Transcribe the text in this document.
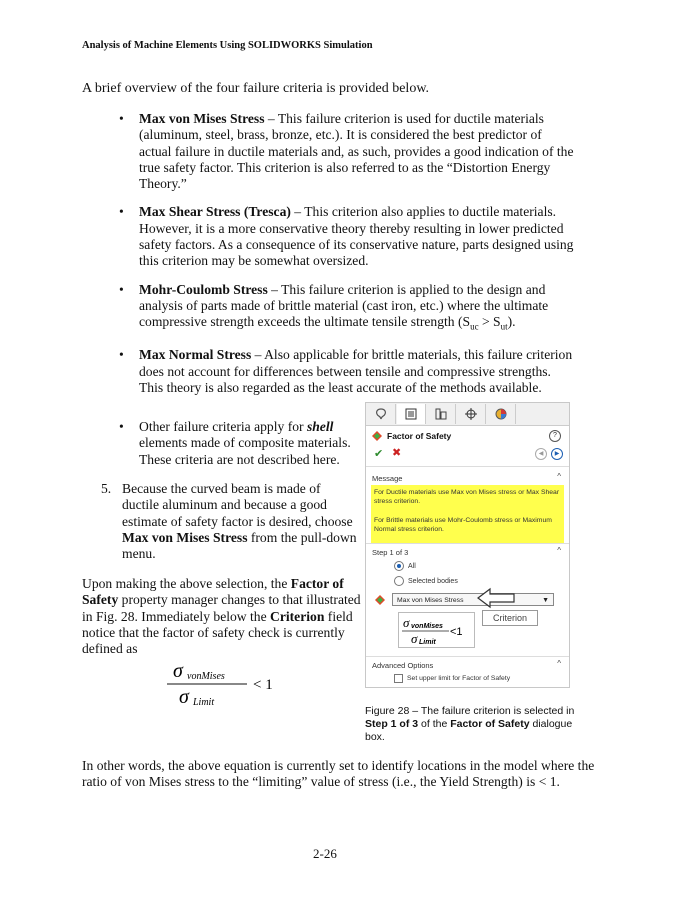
Analysis of Machine Elements Using SOLIDWORKS Simulation
A brief overview of the four failure criteria is provided below.
• Max von Mises Stress – This failure criterion is used for ductile materials (aluminum, steel, brass, bronze, etc.). It is considered the best predictor of actual failure in ductile materials and, as such, provides a good indication of the true safety factor. This criterion is also referred to as the “Distortion Energy Theory.”
• Max Shear Stress (Tresca) – This criterion also applies to ductile materials. However, it is a more conservative theory thereby resulting in lower predicted safety factors. As a consequence of its conservative nature, parts designed using this criterion may be somewhat oversized.
• Mohr-Coulomb Stress – This failure criterion is applied to the design and analysis of parts made of brittle material (cast iron, etc.) where the ultimate compressive strength exceeds the ultimate tensile strength $(S_{uc} > S_{ut})$.
• Max Normal Stress – Also applicable for brittle materials, this failure criterion does not account for differences between tensile and compressive strengths. This theory is also regarded as the least accurate of the methods available.
• Other failure criteria apply for shell elements made of composite materials. These criteria are not described here.
5. Because the curved beam is made of ductile aluminum and because a good estimate of safety factor is desired, choose Max von Mises Stress from the pull-down menu.
Upon making the above selection, the Factor of Safety property manager changes to that illustrated in Fig. 28. Immediately below the Criterion field notice that the factor of safety check is currently defined as
σ vonMises
< 1
σ Limit
Factor of Safety	?
✔ ✖	◀	▶
Message	^
For Ductile materials use Max von Mises stress or Max Shear stress criterion.
For Brittle materials use Mohr-Coulomb stress or Maximum Normal stress criterion.
Step 1 of 3	^
All
Selected bodies
Max von Mises Stress	▼
Criterion
σ vonMises <1
σ Limit
Advanced Options	^
Set upper limit for Factor of Safety
Figure 28 – The failure criterion is selected in Step 1 of 3 of the Factor of Safety dialogue box.
In other words, the above equation is currently set to identify locations in the model where the ratio of von Mises stress to the “limiting” value of stress (i.e., the Yield Strength) is < 1.
2-26
